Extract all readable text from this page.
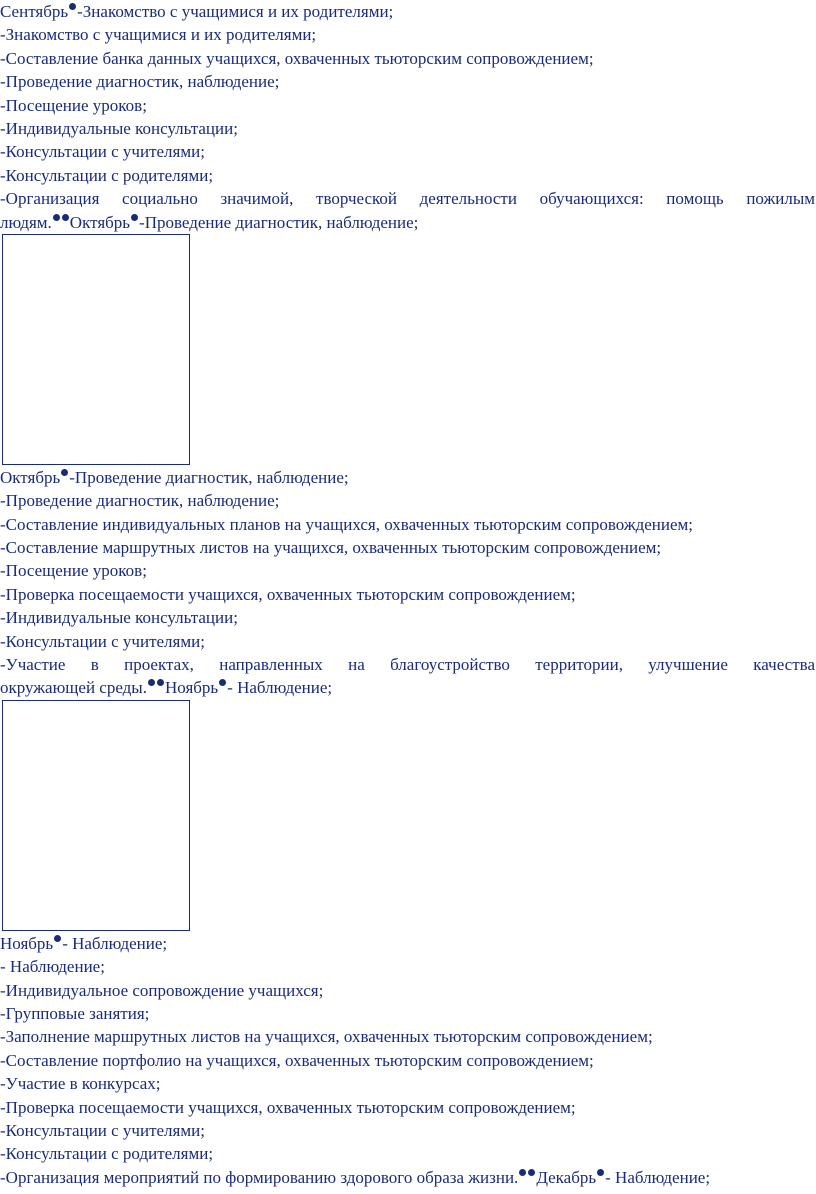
Сентябрь -Знакомство с учащимися и их родителями;
-Знакомство с учащимися и их родителями;
-Составление банка данных учащихся, охваченных тьюторским сопровождением;
-Проведение диагностик, наблюдение;
-Посещение уроков;
-Индивидуальные консультации;
-Консультации с учителями;
-Консультации с родителями;
-Организация социально значимой, творческой деятельности обучающихся: помощь пожилым
людям. Октябрь -Проведение диагностик, наблюдение;
Октябрь -Проведение диагностик, наблюдение;
-Проведение диагностик, наблюдение;
-Составление индивидуальных планов на учащихся, охваченных тьюторским сопровождением;
-Составление маршрутных листов на учащихся, охваченных тьюторским сопровождением;
-Посещение уроков;
-Проверка посещаемости учащихся, охваченных тьюторским сопровождением;
-Индивидуальные консультации;
-Консультации с учителями;
-Участие в проектах, направленных на благоустройство территории, улучшение качества
окружающей среды. Ноябрь - Наблюдение;
Ноябрь - Наблюдение;
- Наблюдение;
-Индивидуальное сопровождение учащихся;
-Групповые занятия;
-Заполнение маршрутных листов на учащихся, охваченных тьюторским сопровождением;
-Составление портфолио на учащихся, охваченных тьюторским сопровождением;
-Участие в конкурсах;
-Проверка посещаемости учащихся, охваченных тьюторским сопровождением;
-Консультации с учителями;
-Консультации с родителями;
-Организация мероприятий по формированию здорового образа жизни. Декабрь - Наблюдение;
